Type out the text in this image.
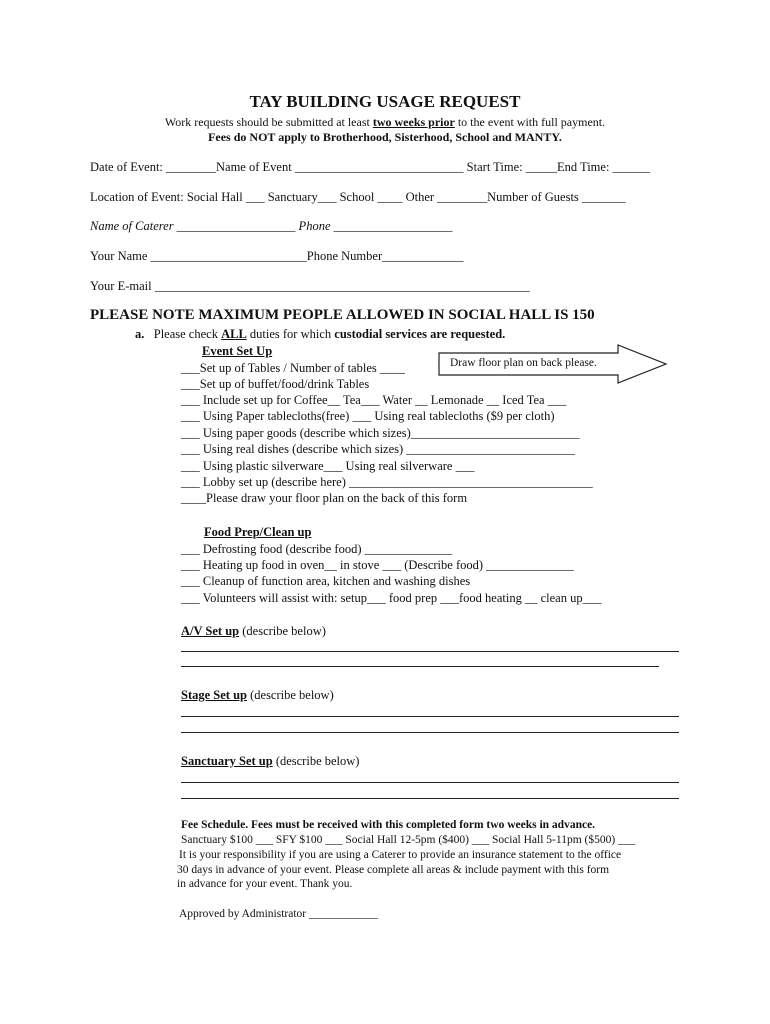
TAY BUILDING USAGE REQUEST
Work requests should be submitted at least two weeks prior to the event with full payment.
Fees do NOT apply to Brotherhood, Sisterhood, School and MANTY.
Date of Event: ________Name of Event ___________________________ Start Time: _____End Time: ______
Location of Event: Social Hall ___ Sanctuary___ School ____ Other ________Number of Guests _______
Name of Caterer ___________________ Phone ___________________
Your Name _________________________Phone Number_____________
Your E-mail ____________________________________________________________
PLEASE NOTE MAXIMUM PEOPLE ALLOWED IN SOCIAL HALL IS 150
a. Please check ALL duties for which custodial services are requested.
Event Set Up
Draw floor plan on back please.
___Set up of Tables / Number of tables ____
___Set up of buffet/food/drink Tables
___ Include set up for Coffee__ Tea___ Water __ Lemonade __ Iced Tea ___
___ Using Paper tablecloths(free) ___ Using real tablecloths ($9 per cloth)
___ Using paper goods (describe which sizes)___________________________
___ Using real dishes (describe which sizes) ___________________________
___ Using plastic silverware___ Using real silverware ___
___ Lobby set up (describe here) _______________________________________
____Please draw your floor plan on the back of this form
Food Prep/Clean up
___ Defrosting food (describe food) ______________
___ Heating up food in oven__ in stove ___ (Describe food) ______________
___ Cleanup of function area, kitchen and washing dishes
___ Volunteers will assist with: setup___ food prep ___food heating __ clean up___
A/V Set up (describe below)
Stage Set up (describe below)
Sanctuary Set up (describe below)
Fee Schedule. Fees must be received with this completed form two weeks in advance.
Sanctuary $100 ___ SFY $100 ___ Social Hall 12-5pm ($400) ___ Social Hall 5-11pm ($500) ___
It is your responsibility if you are using a Caterer to provide an insurance statement to the office
30 days in advance of your event. Please complete all areas & include payment with this form
in advance for your event. Thank you.
Approved by Administrator ____________
